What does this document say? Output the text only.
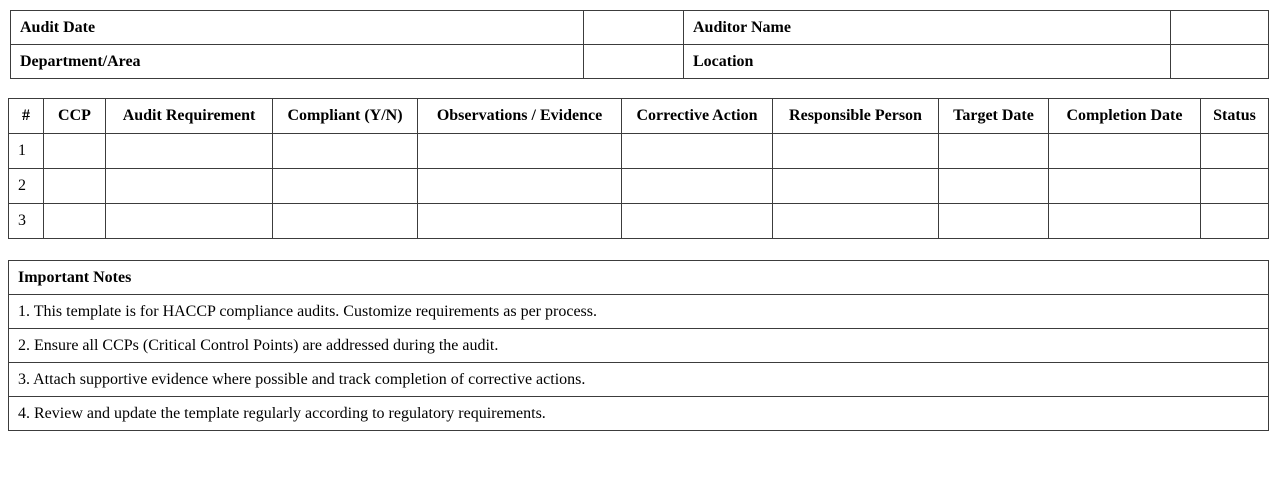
Audit Date		Auditor Name	
Department/Area		Location	
#	CCP	Audit Requirement	Compliant (Y/N)	Observations / Evidence	Corrective Action	Responsible Person	Target Date	Completion Date	Status
1									
2									
3									
Important Notes
1. This template is for HACCP compliance audits. Customize requirements as per process.
2. Ensure all CCPs (Critical Control Points) are addressed during the audit.
3. Attach supportive evidence where possible and track completion of corrective actions.
4. Review and update the template regularly according to regulatory requirements.
